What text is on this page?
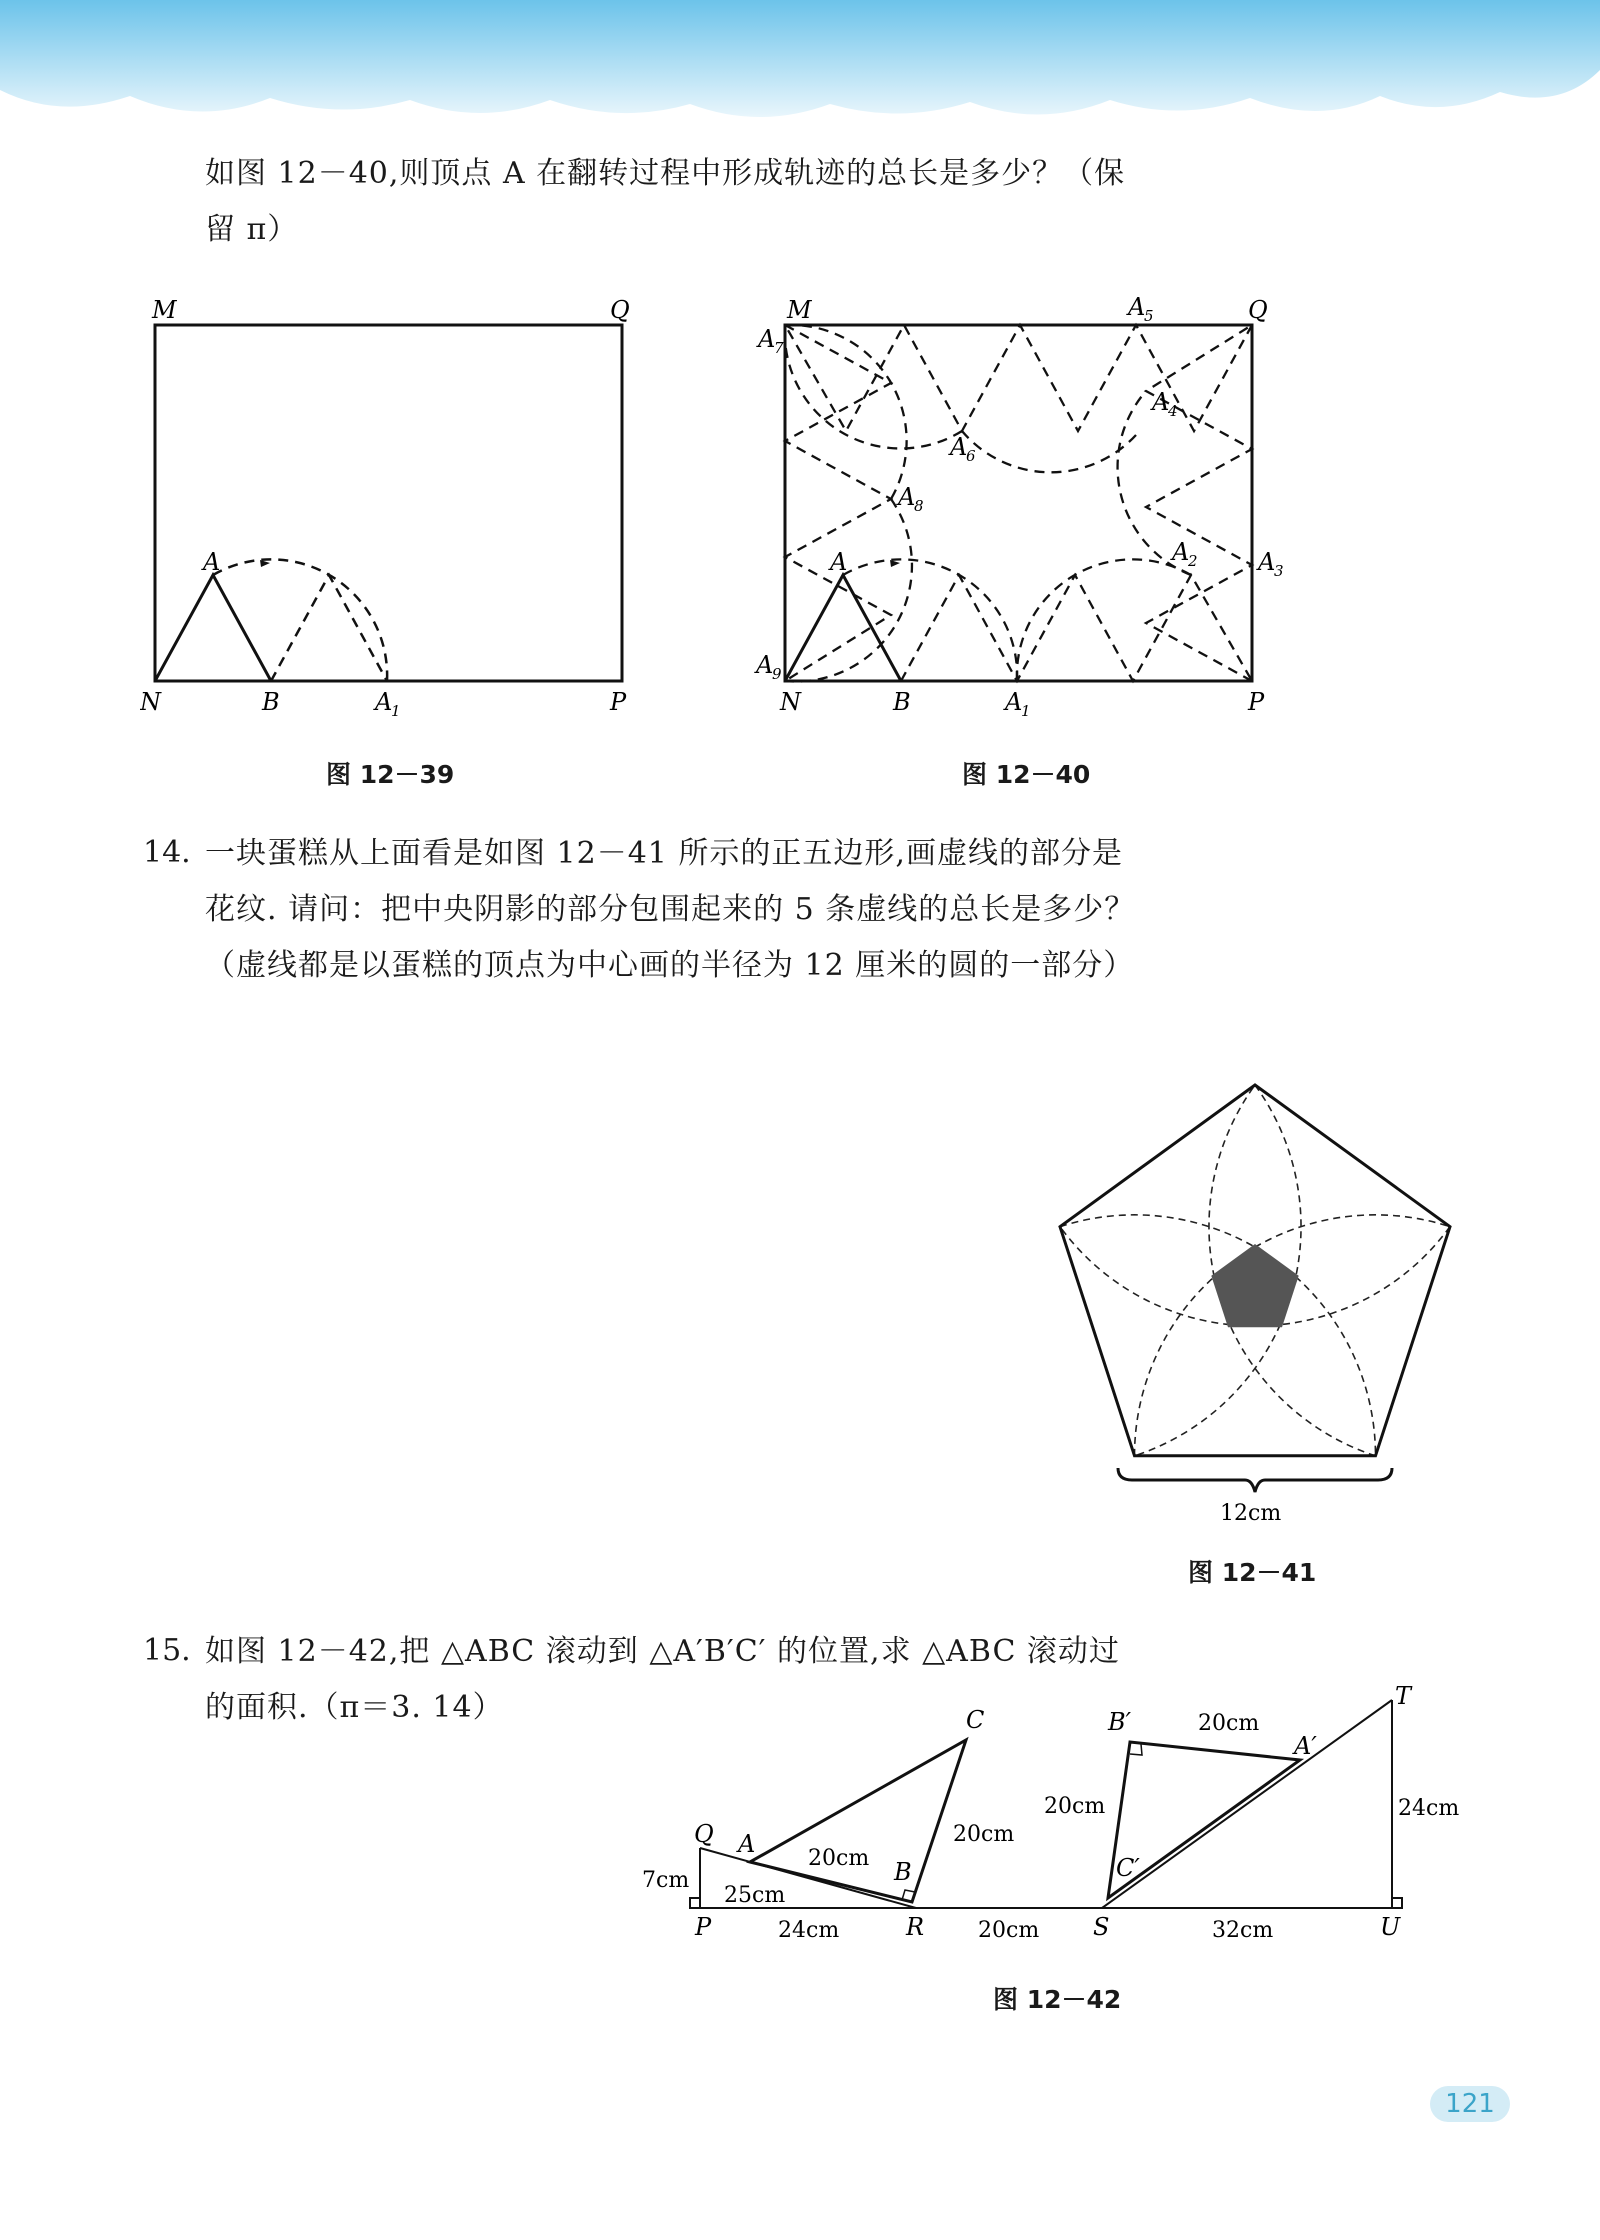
如图 12－40,则顶点 A 在翻转过程中形成轨迹的总长是多少？（保
留 π）
M	Q
A
N	B	A
1	P
图 12－39
M	Q
A
N	B	P
A
1
A
2	A
3
A
4
A
5
A
6
A
7
A
8
A
9
图 12－40
14. 一块蛋糕从上面看是如图 12－41 所示的正五边形,画虚线的部分是
花纹. 请问：把中央阴影的部分包围起来的 5 条虚线的总长是多少？
（虚线都是以蛋糕的顶点为中心画的半径为 12 厘米的圆的一部分）
12cm
图 12－41
15. 如图 12－42,把 △ABC 滚动到 △A′B′C′ 的位置,求 △ABC 滚动过
的面积.（π＝3. 14）
Q A
B
C
P	R	S	U
T
B′
A′
C′
7cm
25cm
20cm
20cm
24cm	20cm	32cm
24cm
20cm
20cm
图 12－42
121
